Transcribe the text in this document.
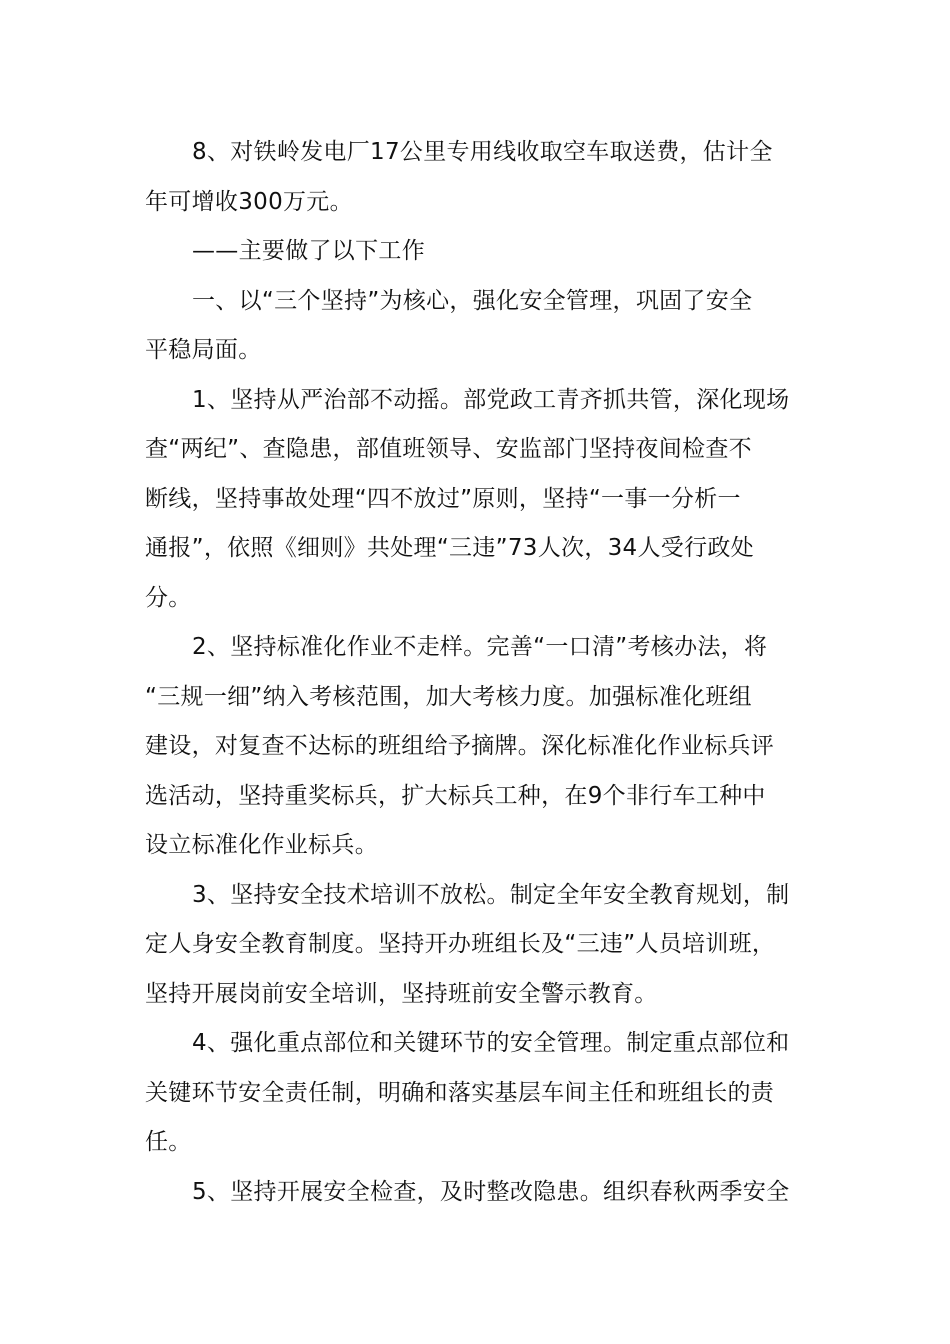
8、对铁岭发电厂17公里专用线收取空车取送费，估计全
年可增收300万元。
——主要做了以下工作
一、以“三个坚持”为核心，强化安全管理，巩固了安全
平稳局面。
1、坚持从严治部不动摇。部党政工青齐抓共管，深化现场
查“两纪”、查隐患，部值班领导、安监部门坚持夜间检查不
断线，坚持事故处理“四不放过”原则，坚持“一事一分析一
通报”，依照《细则》共处理“三违”73人次，34人受行政处
分。
2、坚持标准化作业不走样。完善“一口清”考核办法，将
“三规一细”纳入考核范围，加大考核力度。加强标准化班组
建设，对复查不达标的班组给予摘牌。深化标准化作业标兵评
选活动，坚持重奖标兵，扩大标兵工种，在9个非行车工种中
设立标准化作业标兵。
3、坚持安全技术培训不放松。制定全年安全教育规划，制
定人身安全教育制度。坚持开办班组长及“三违”人员培训班，
坚持开展岗前安全培训，坚持班前安全警示教育。
4、强化重点部位和关键环节的安全管理。制定重点部位和
关键环节安全责任制，明确和落实基层车间主任和班组长的责
任。
5、坚持开展安全检查，及时整改隐患。组织春秋两季安全
